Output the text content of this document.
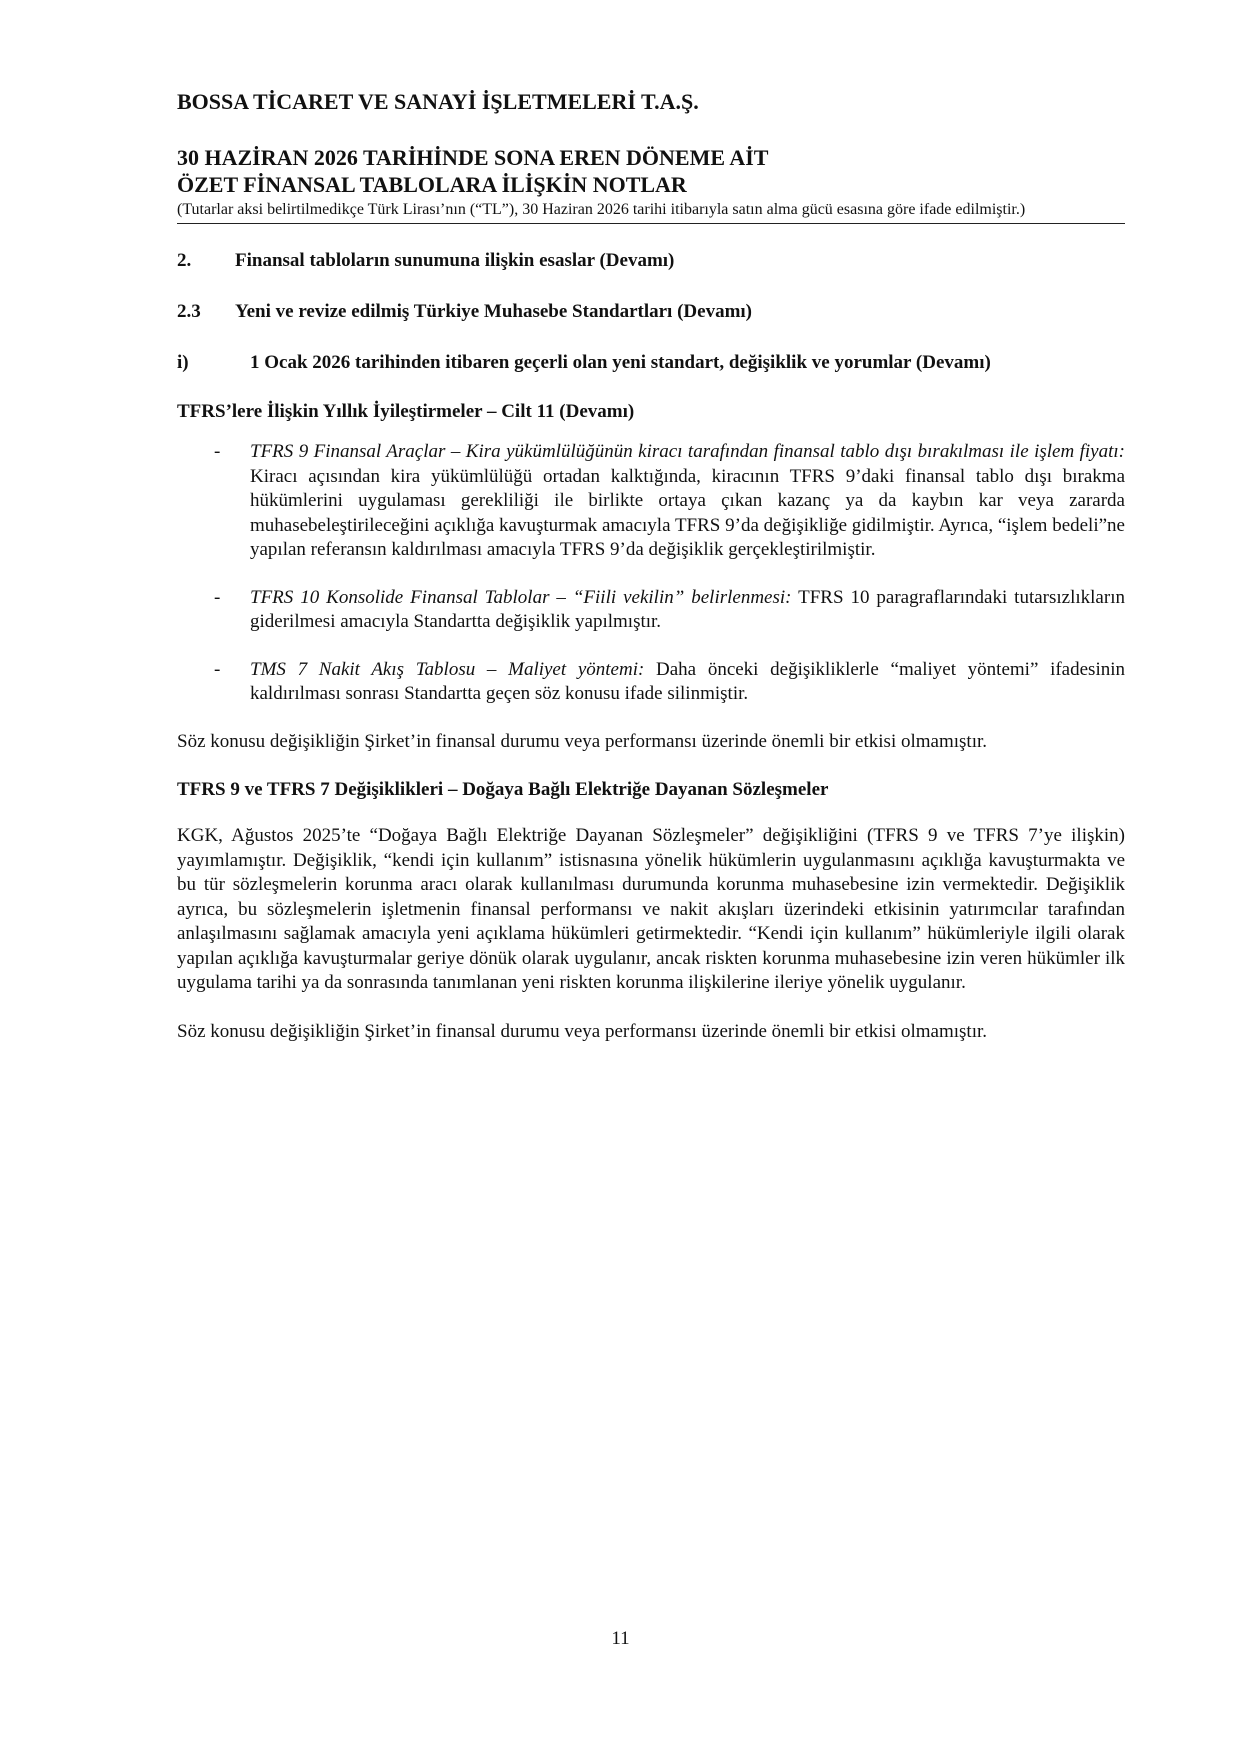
BOSSA TİCARET VE SANAYİ İŞLETMELERİ T.A.Ş.

30 HAZİRAN 2026 TARİHİNDE SONA EREN DÖNEME AİT

ÖZET FİNANSAL TABLOLARA İLİŞKİN NOTLAR

(Tutarlar aksi belirtilmedikçe Türk Lirası’nın (“TL”), 30 Haziran 2026 tarihi itibarıyla satın alma gücü esasına göre ifade edilmiştir.)

2. Finansal tabloların sunumuna ilişkin esaslar (Devamı)
2.3 Yeni ve revize edilmiş Türkiye Muhasebe Standartları (Devamı)
i)	1 Ocak 2026 tarihinden itibaren geçerli olan yeni standart, değişiklik ve yorumlar (Devamı)
TFRS’lere İlişkin Yıllık İyileştirmeler – Cilt 11 (Devamı)
- TFRS 9 Finansal Araçlar – Kira yükümlülüğünün kiracı tarafından finansal tablo dışı bırakılması ile işlem fiyatı: Kiracı açısından kira yükümlülüğü ortadan kalktığında, kiracının TFRS 9’daki finansal tablo dışı bırakma hükümlerini uygulaması gerekliliği ile birlikte ortaya çıkan kazanç ya da kaybın kar veya zararda muhasebeleştirileceğini açıklığa kavuşturmak amacıyla TFRS 9’da değişikliğe gidilmiştir. Ayrıca, “işlem bedeli”ne yapılan referansın kaldırılması amacıyla TFRS 9’da değişiklik gerçekleştirilmiştir.
- TFRS 10 Konsolide Finansal Tablolar – “Fiili vekilin” belirlenmesi: TFRS 10 paragraflarındaki tutarsızlıkların giderilmesi amacıyla Standartta değişiklik yapılmıştır.
- TMS 7 Nakit Akış Tablosu – Maliyet yöntemi: Daha önceki değişikliklerle “maliyet yöntemi” ifadesinin kaldırılması sonrası Standartta geçen söz konusu ifade silinmiştir.

Söz konusu değişikliğin Şirket’in finansal durumu veya performansı üzerinde önemli bir etkisi olmamıştır.

TFRS 9 ve TFRS 7 Değişiklikleri – Doğaya Bağlı Elektriğe Dayanan Sözleşmeler

KGK, Ağustos 2025’te “Doğaya Bağlı Elektriğe Dayanan Sözleşmeler” değişikliğini (TFRS 9 ve TFRS 7’ye ilişkin) yayımlamıştır. Değişiklik, “kendi için kullanım” istisnasına yönelik hükümlerin uygulanmasını açıklığa kavuşturmakta ve bu tür sözleşmelerin korunma aracı olarak kullanılması durumunda korunma muhasebesine izin vermektedir. Değişiklik ayrıca, bu sözleşmelerin işletmenin finansal performansı ve nakit akışları üzerindeki etkisinin yatırımcılar tarafından anlaşılmasını sağlamak amacıyla yeni açıklama hükümleri getirmektedir. “Kendi için kullanım” hükümleriyle ilgili olarak yapılan açıklığa kavuşturmalar geriye dönük olarak uygulanır, ancak riskten korunma muhasebesine izin veren hükümler ilk uygulama tarihi ya da sonrasında tanımlanan yeni riskten korunma ilişkilerine ileriye yönelik uygulanır.

Söz konusu değişikliğin Şirket’in finansal durumu veya performansı üzerinde önemli bir etkisi olmamıştır.

11
